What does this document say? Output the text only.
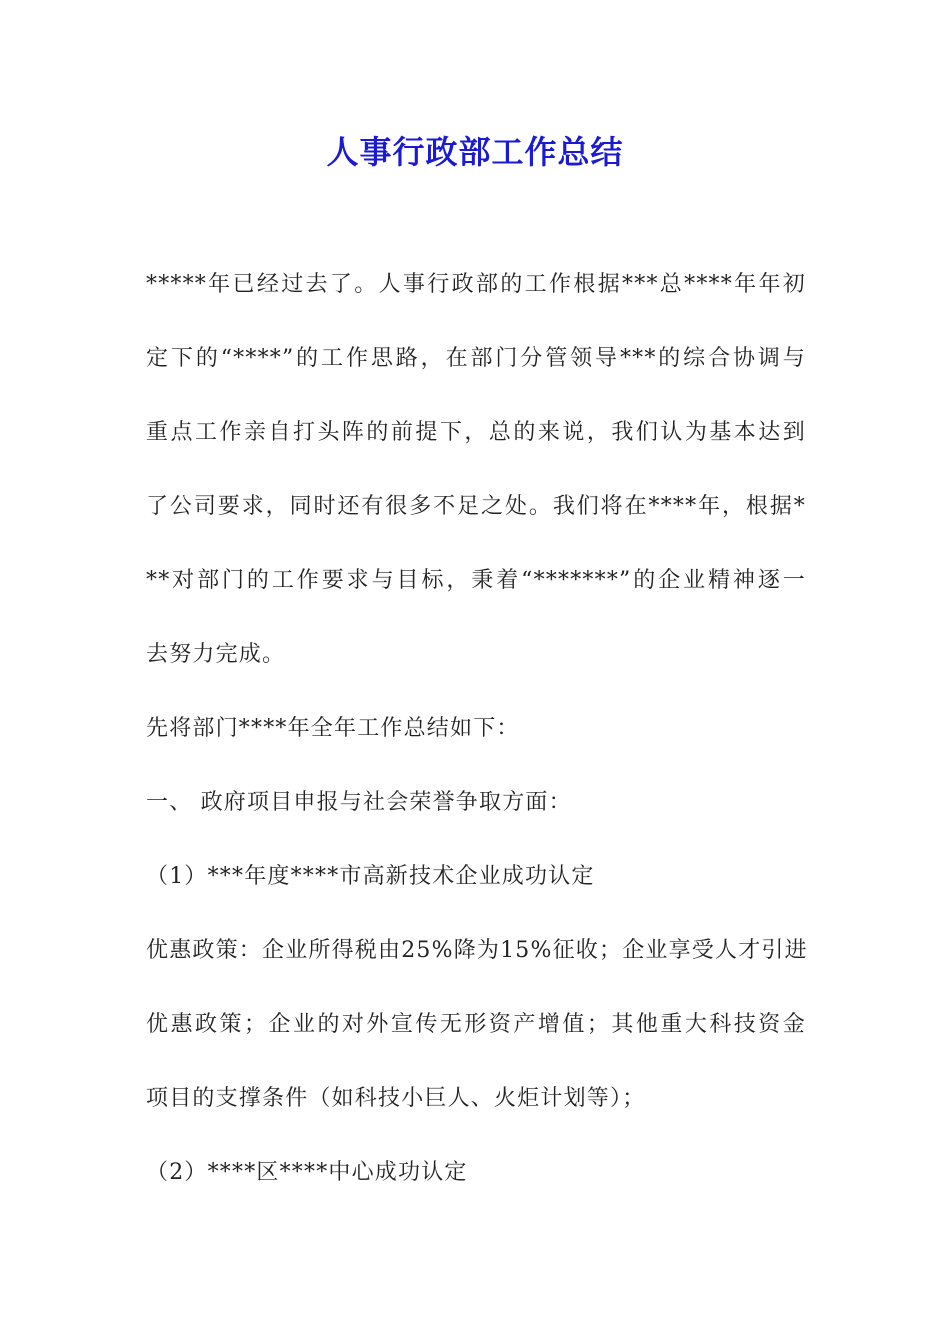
人事行政部工作总结
*****年已经过去了。人事行政部的工作根据***总****年年初
定下的“****”的工作思路，在部门分管领导***的综合协调与
重点工作亲自打头阵的前提下，总的来说，我们认为基本达到
了公司要求，同时还有很多不足之处。我们将在****年，根据*
**对部门的工作要求与目标，秉着“*******”的企业精神逐一
去努力完成。
先将部门****年全年工作总结如下：
一、 政府项目申报与社会荣誉争取方面：
（1）***年度****市高新技术企业成功认定
优惠政策：企业所得税由25%降为15%征收；企业享受人才引进
优惠政策；企业的对外宣传无形资产增值；其他重大科技资金
项目的支撑条件（如科技小巨人、火炬计划等）；
（2）****区****中心成功认定
